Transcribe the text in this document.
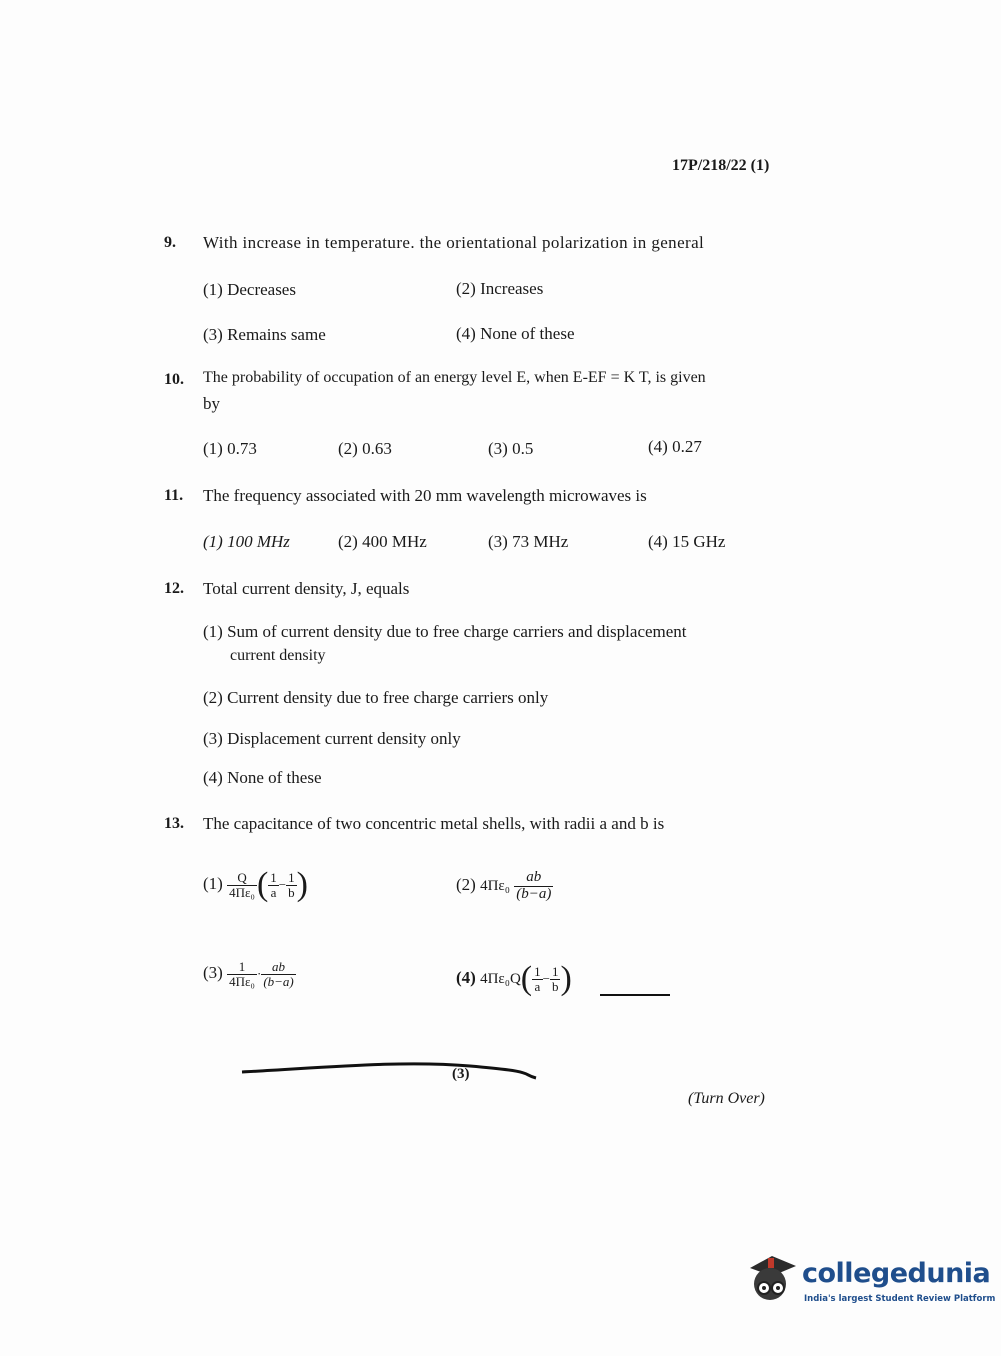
17P/218/22 (1)
9. With increase in temperature. the orientational polarization in general
(1) Decreases	(2) Increases
(3) Remains same	(4) None of these
10. The probability of occupation of an energy level E, when E-EF = K T, is given
by
(1) 0.73	(2) 0.63	(3) 0.5	(4) 0.27
11. The frequency associated with 20 mm wavelength microwaves is
(1) 100 MHz	(2) 400 MHz	(3) 73 MHz	(4) 15 GHz
12. Total current density, J, equals
(1) Sum of current density due to free charge carriers and displacement
current density
(2) Current density due to free charge carriers only
(3) Displacement current density only
(4) None of these
13. The capacitance of two concentric metal shells, with radii a and b is
$(1) \frac{Q}{\text{4Πε₀}}$ ( $\frac{1}{a} - \frac{1}{b}$ )	(2) $4\Pi\varepsilon_0 \frac{ab}{(b-a)}$
$(3) \frac{1}{\text{4Πε₀}} \cdot \frac{ab}{(b-a)}$	(4) $4\Pi\varepsilon_0Q( \frac{1}{a} - \frac{1}{b}$ )
(3)
(Turn Over)
collegedunia
India's largest Student Review Platform
